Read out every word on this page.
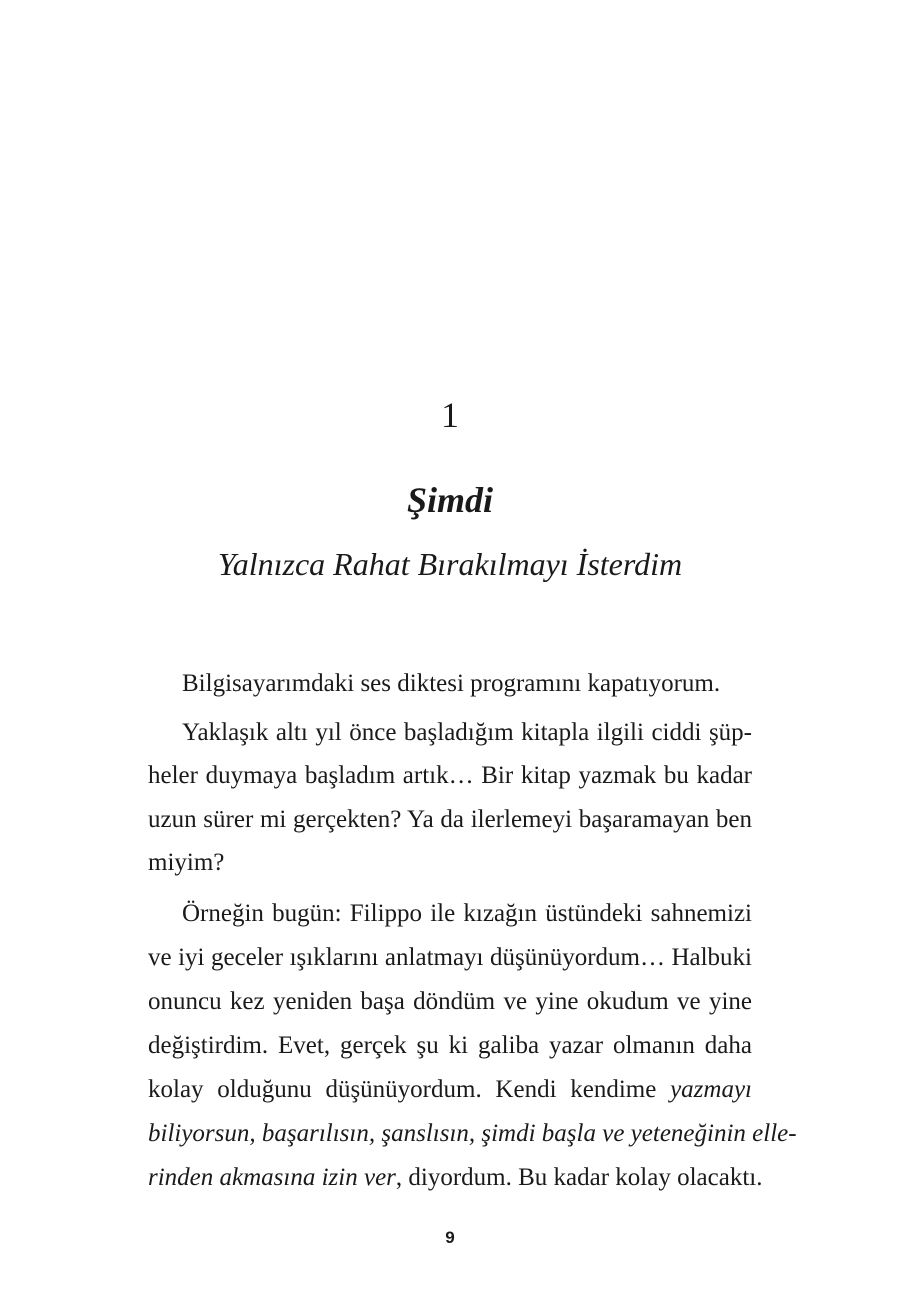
1
Şimdi
Yalnızca Rahat Bırakılmayı İsterdim
Bilgisayarımdaki ses diktesi programını kapatıyorum.
Yaklaşık altı yıl önce başladığım kitapla ilgili ciddi şüp-
heler duymaya başladım artık… Bir kitap yazmak bu kadar
uzun sürer mi gerçekten? Ya da ilerlemeyi başaramayan ben
miyim?
Örneğin bugün: Filippo ile kızağın üstündeki sahnemizi
ve iyi geceler ışıklarını anlatmayı düşünüyordum… Halbuki
onuncu kez yeniden başa döndüm ve yine okudum ve yine
değiştirdim. Evet, gerçek şu ki galiba yazar olmanın daha
kolay olduğunu düşünüyordum. Kendi kendime yazmayı
biliyorsun, başarılısın, şanslısın, şimdi başla ve yeteneğinin elle-
rinden akmasına izin ver, diyordum. Bu kadar kolay olacaktı.
9
